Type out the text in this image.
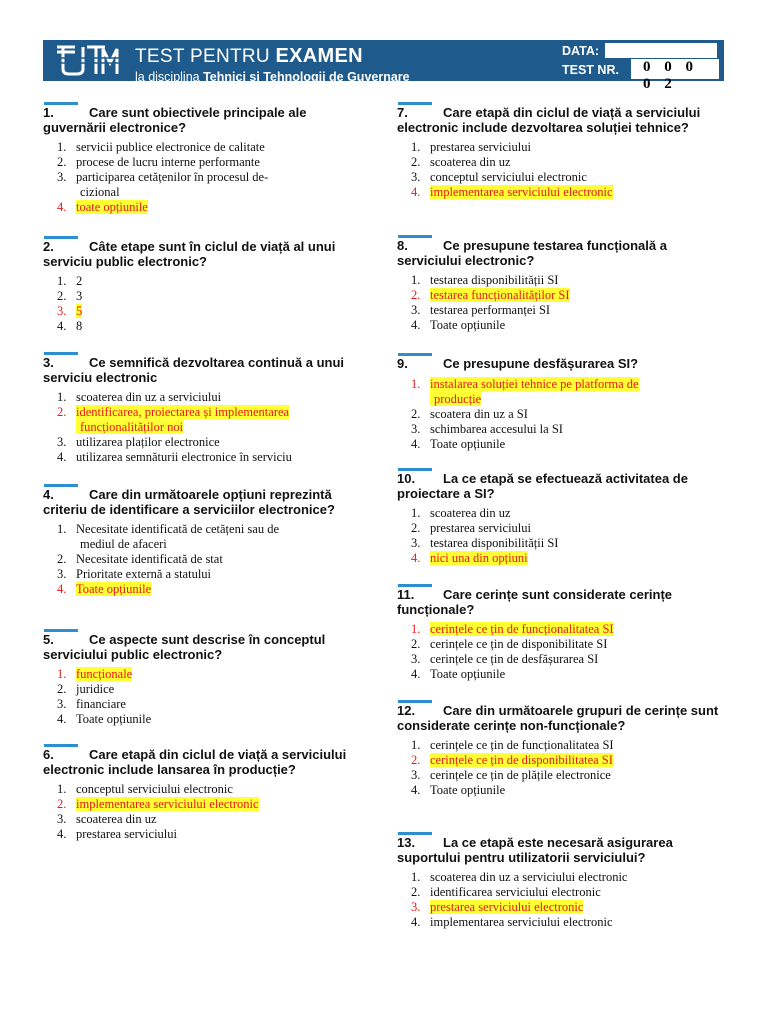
TEST PENTRU EXAMEN
la disciplina Tehnici și Tehnologii de Guvernare
DATA:
TEST NR. 0 0 0 0 2

1.	Care sunt obiectivele principale ale guvernării electronice?

1. servicii publice electronice de calitate
2. procese de lucru interne performante
3. participarea cetățenilor în procesul de-
cizional
4. toate opțiunile

2.	Câte etape sunt în ciclul de viață al unui serviciu public electronic?

1. 2
2. 3
3. 5
4. 8

3.	Ce semnifică dezvoltarea continuă a unui serviciu electronic

1. scoaterea din uz a serviciului
2. identificarea, proiectarea și implementarea
funcționalităților noi
3. utilizarea plaților electronice
4. utilizarea semnăturii electronice în serviciu

4.	Care din următoarele opțiuni reprezintă criteriu de identificare a serviciilor electronice?

1. Necesitate identificată de cetățeni sau de
mediul de afaceri
2. Necesitate identificată de stat
3. Prioritate externă a statului
4. Toate opțiunile

5.	Ce aspecte sunt descrise în conceptul serviciului public electronic?

1. funcționale
2. juridice
3. financiare
4. Toate opțiunile

6.	Care etapă din ciclul de viață a serviciului electronic include lansarea în producție?

1. conceptul serviciului electronic
2. implementarea serviciului electronic
3. scoaterea din uz
4. prestarea serviciului

7.	Care etapă din ciclul de viață a serviciului electronic include dezvoltarea soluției tehnice?

1. prestarea serviciului
2. scoaterea din uz
3. conceptul serviciului electronic
4. implementarea serviciului electronic

8.	Ce presupune testarea funcțională a serviciului electronic?

1. testarea disponibilității SI
2. testarea funcționalităților SI
3. testarea performanței SI
4. Toate opțiunile

9.	Ce presupune desfășurarea SI?

1. instalarea soluției tehnice pe platforma de
producție
2. scoatera din uz a SI
3. schimbarea accesului la SI
4. Toate opțiunile

10. La ce etapă se efectuează activitatea de proiectare a SI?

1. scoaterea din uz
2. prestarea serviciului
3. testarea disponibilității SI
4. nici una din opțiuni

11. Care cerințe sunt considerate cerințe funcționale?

1. cerințele ce țin de funcționalitatea SI
2. cerințele ce țin de disponibilitate SI
3. cerințele ce țin de desfășurarea SI
4. Toate opțiunile

12. Care din următoarele grupuri de cerințe sunt considerate cerințe non-funcționale?

1. cerințele ce țin de funcționalitatea SI
2. cerințele ce țin de disponibilitatea SI
3. cerințele ce țin de plățile electronice
4. Toate opțiunile

13. La ce etapă este necesară asigurarea suportului pentru utilizatorii serviciului?

1. scoaterea din uz a serviciului electronic
2. identificarea serviciului electronic
3. prestarea serviciului electronic
4. implementarea serviciului electronic
